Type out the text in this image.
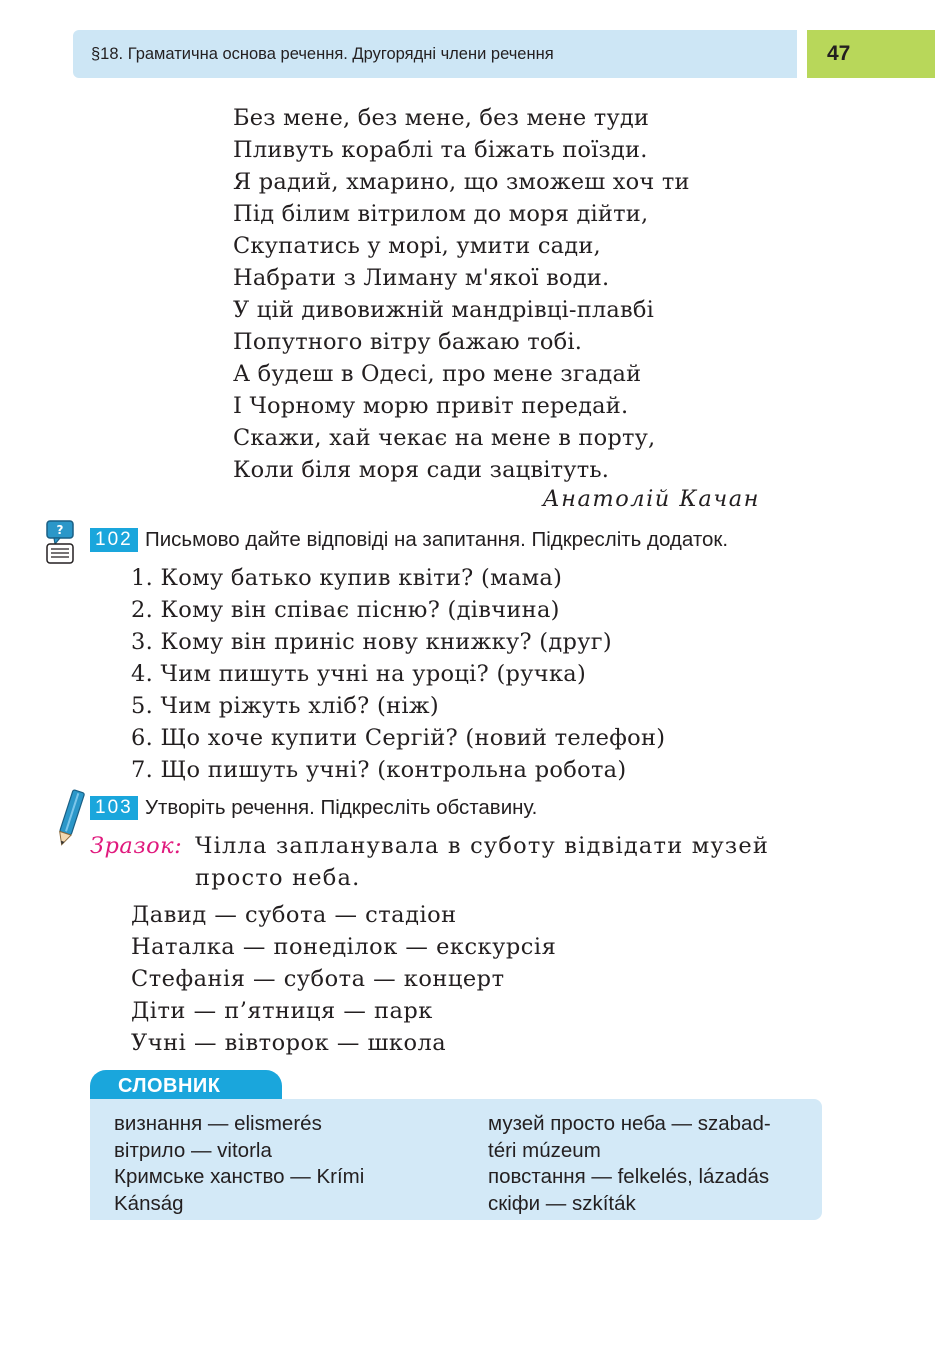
§18. Граматична основа речення. Другорядні члени речення	47
Без мене, без мене, без мене туди
Пливуть кораблі та біжать поїзди.
Я радий, хмарино, що зможеш хоч ти
Під білим вітрилом до моря дійти,
Скупатись у морі, умити сади,
Набрати з Лиману м'якої води.
У цій дивовижній мандрівці-плавбі
Попутного вітру бажаю тобі.
А будеш в Одесі, про мене згадай
І Чорному морю привіт передай.
Скажи, хай чекає на мене в порту,
Коли біля моря сади зацвітуть.
Анатолій Качан
? 102 Письмово дайте відповіді на запитання. Підкресліть додаток.
1. Кому батько купив квіти? (мама)
2. Кому він співає пісню? (дівчина)
3. Кому він приніс нову книжку? (друг)
4. Чим пишуть учні на уроці? (ручка)
5. Чим ріжуть хліб? (ніж)
6. Що хоче купити Сергій? (новий телефон)
7. Що пишуть учні? (контрольна робота)
103 Утворіть речення. Підкресліть обставину.
Зразок: Чілла запланувала в суботу відвідати музей
просто неба.
Давид — субота — стадіон
Наталка — понеділок — екскурсія
Стефанія — субота — концерт
Діти — п’ятниця — парк
Учні — вівторок — школа
СЛОВНИК
визнання — elismerés
вітрило — vitorla
Кримське ханство — Krími
Kánság
музей просто неба — szabad-
téri múzeum
повстання — felkelés, lázadás
скіфи — szkíták
